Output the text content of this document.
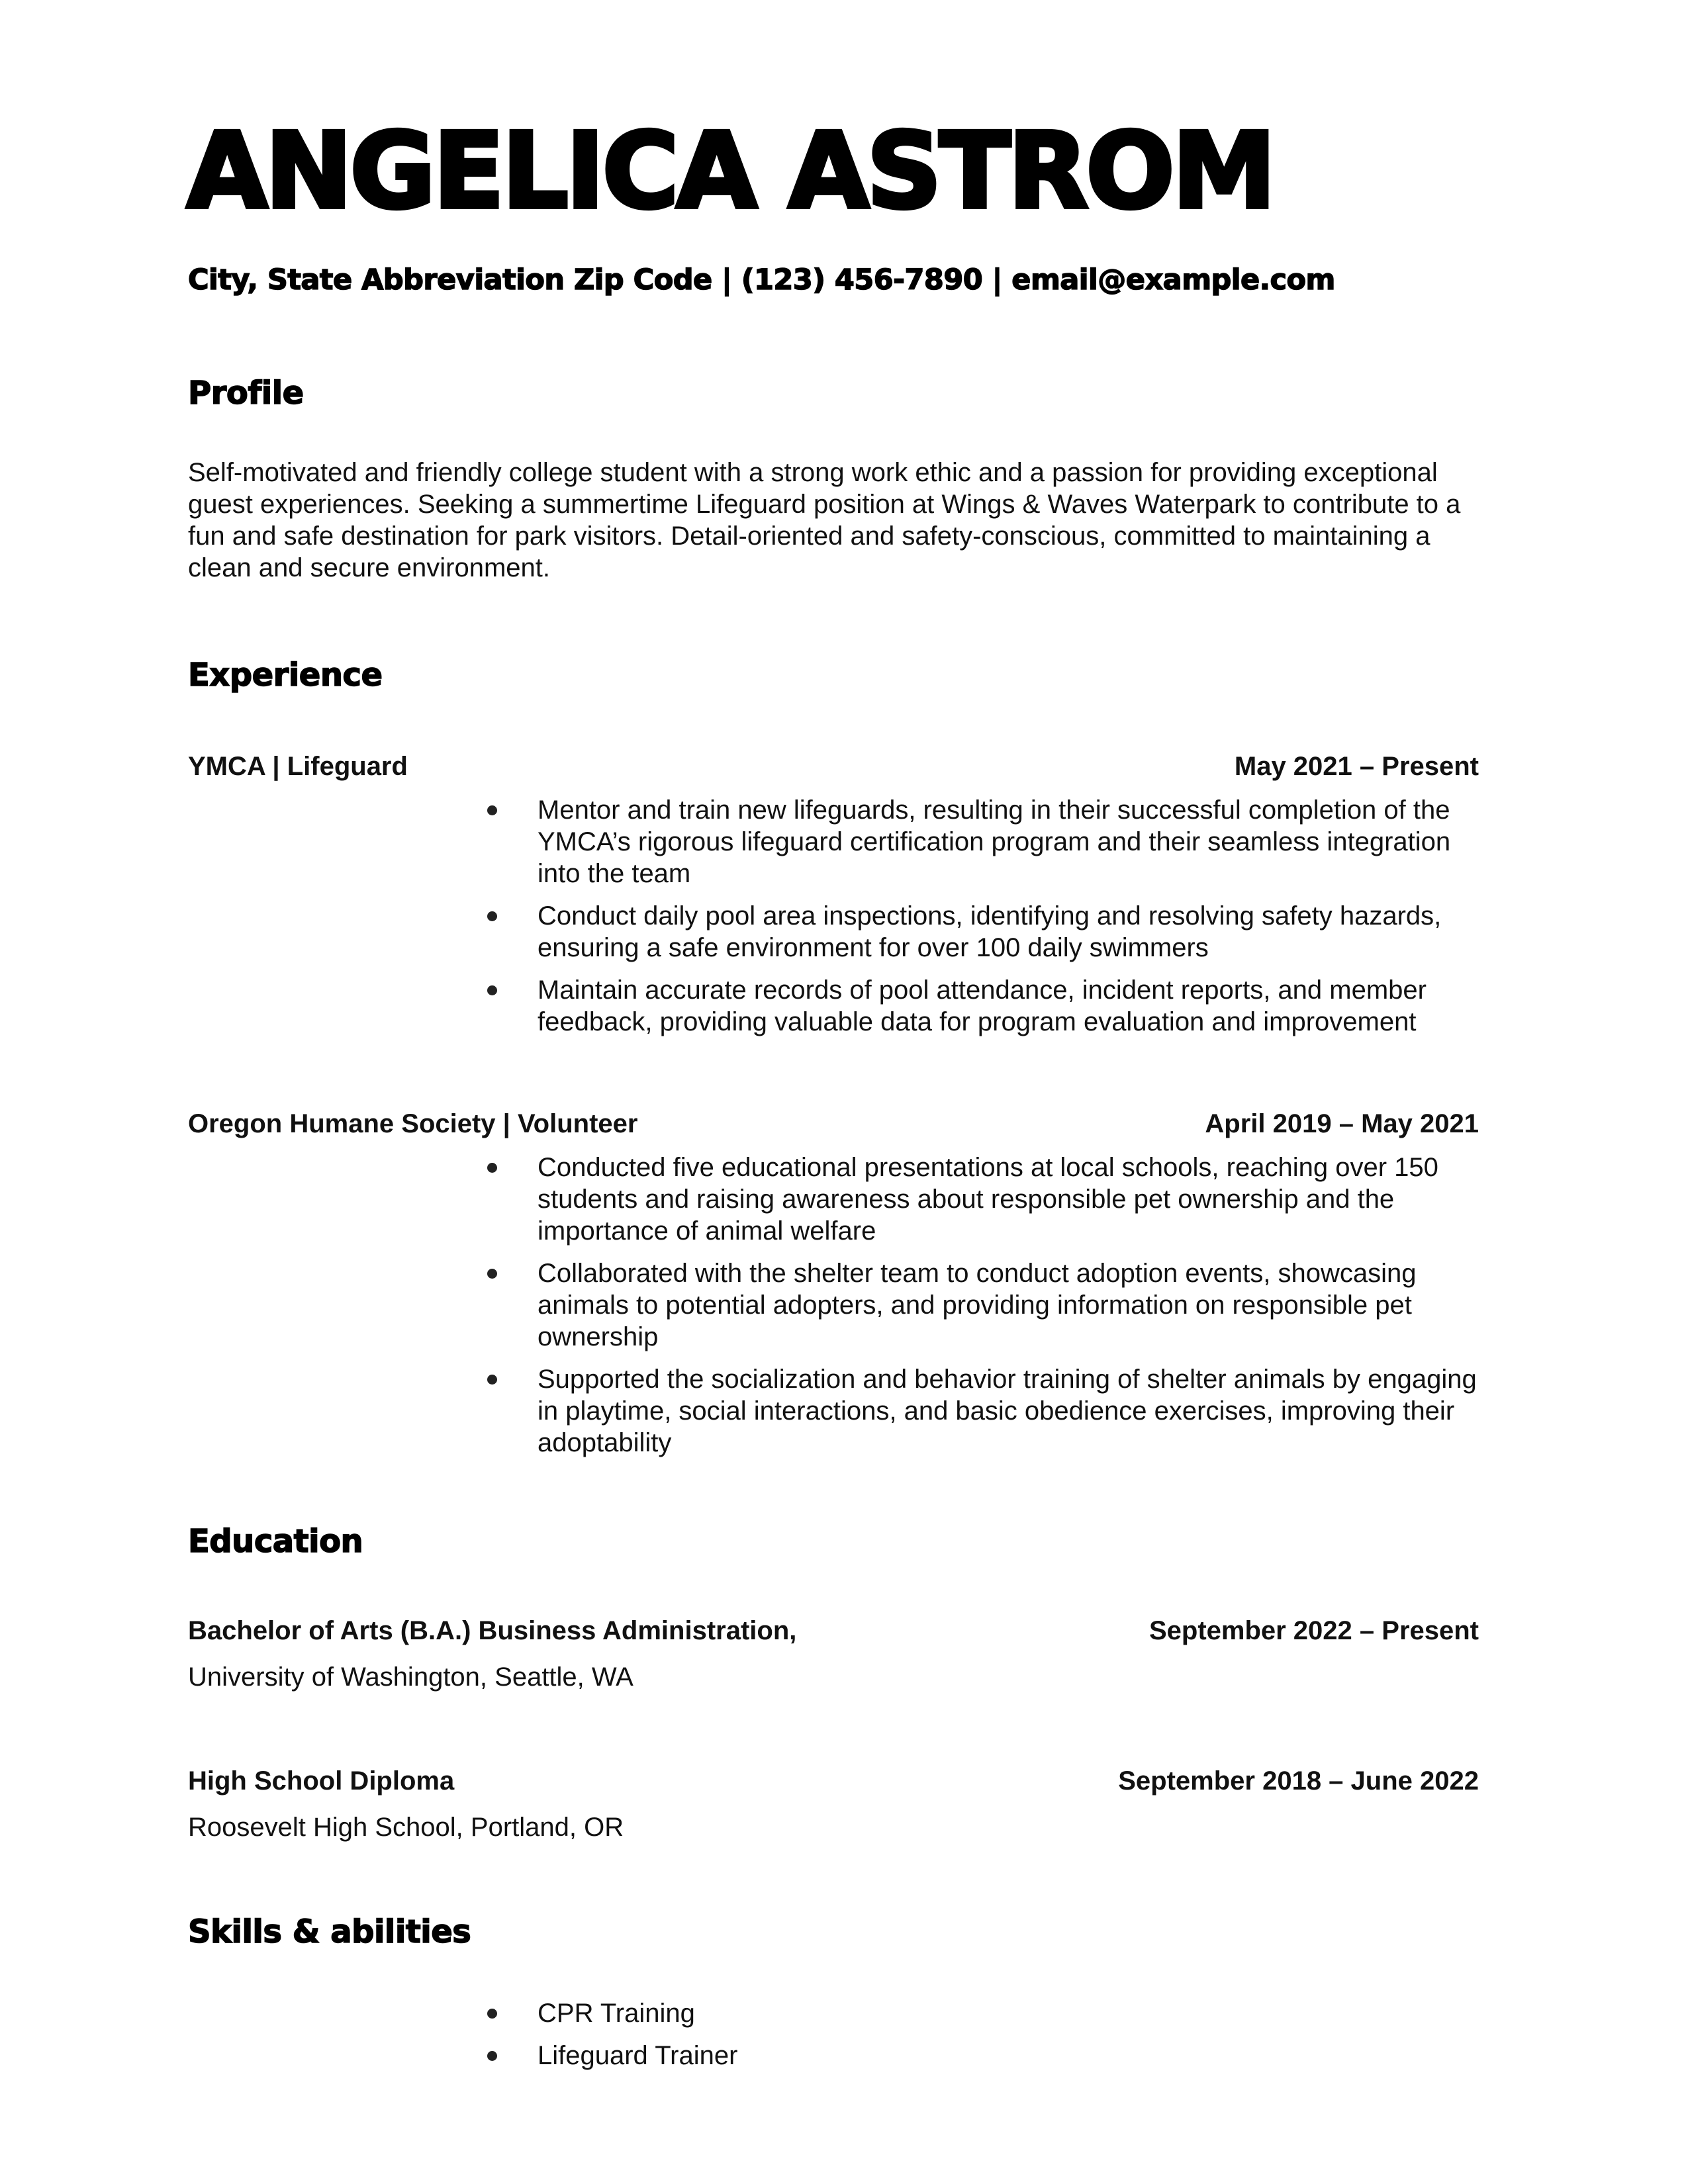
ANGELICA ASTROM
City, State Abbreviation Zip Code | (123) 456-7890 | email@example.com
Profile
Self-motivated and friendly college student with a strong work ethic and a passion for providing exceptional guest experiences. Seeking a summertime Lifeguard position at Wings & Waves Waterpark to contribute to a fun and safe destination for park visitors. Detail-oriented and safety-conscious, committed to maintaining a clean and secure environment.
Experience
YMCA | Lifeguard	May 2021 – Present
Mentor and train new lifeguards, resulting in their successful completion of the YMCA’s rigorous lifeguard certification program and their seamless integration into the team
Conduct daily pool area inspections, identifying and resolving safety hazards, ensuring a safe environment for over 100 daily swimmers
Maintain accurate records of pool attendance, incident reports, and member feedback, providing valuable data for program evaluation and improvement
Oregon Humane Society | Volunteer	April 2019 – May 2021
Conducted five educational presentations at local schools, reaching over 150 students and raising awareness about responsible pet ownership and the importance of animal welfare
Collaborated with the shelter team to conduct adoption events, showcasing animals to potential adopters, and providing information on responsible pet ownership
Supported the socialization and behavior training of shelter animals by engaging in playtime, social interactions, and basic obedience exercises, improving their adoptability
Education
Bachelor of Arts (B.A.) Business Administration,	September 2022 – Present
University of Washington, Seattle, WA
High School Diploma	September 2018 – June 2022
Roosevelt High School, Portland, OR
Skills & abilities
CPR Training
Lifeguard Trainer
